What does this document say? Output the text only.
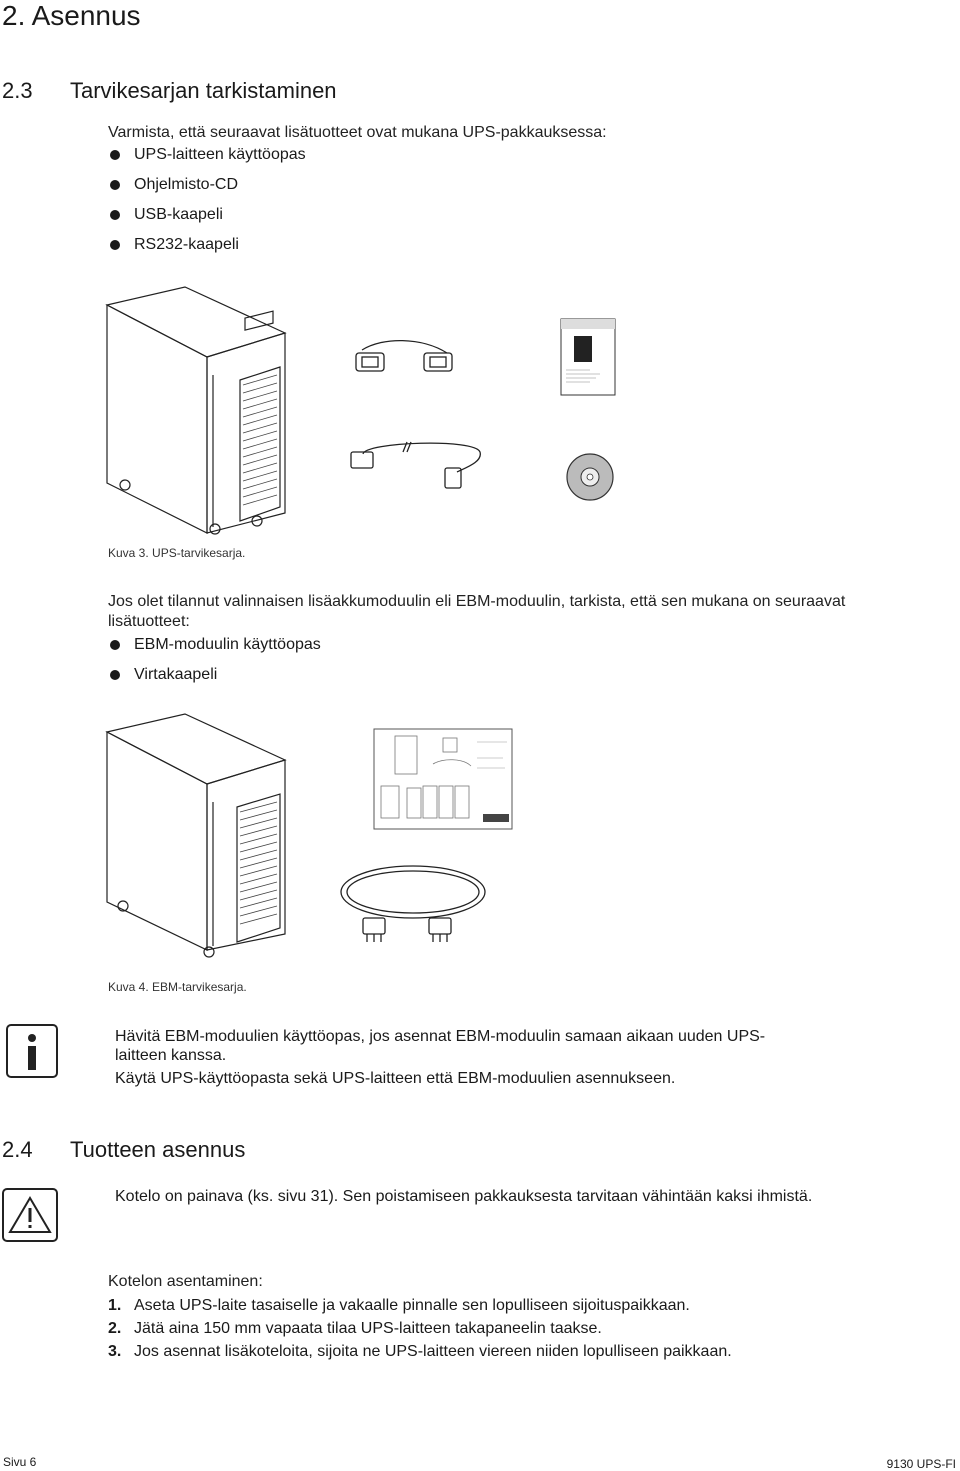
2. Asennus
2.3 Tarvikesarjan tarkistaminen
Varmista, että seuraavat lisätuotteet ovat mukana UPS-pakkauksessa:
UPS-laitteen käyttöopas
Ohjelmisto-CD
USB-kaapeli
RS232-kaapeli
Kuva 3. UPS-tarvikesarja.
Jos olet tilannut valinnaisen lisäakkumoduulin eli EBM-moduulin, tarkista, että sen mukana on seuraavat lisätuotteet:
EBM-moduulin käyttöopas
Virtakaapeli
Kuva 4. EBM-tarvikesarja.
Hävitä EBM-moduulien käyttöopas, jos asennat EBM-moduulin samaan aikaan uuden UPS-laitteen kanssa.
Käytä UPS-käyttöopasta sekä UPS-laitteen että EBM-moduulien asennukseen.
2.4 Tuotteen asennus
Kotelo on painava (ks. sivu 31). Sen poistamiseen pakkauksesta tarvitaan vähintään kaksi ihmistä.
Kotelon asentaminen:
1. Aseta UPS-laite tasaiselle ja vakaalle pinnalle sen lopulliseen sijoituspaikkaan.
2. Jätä aina 150 mm vapaata tilaa UPS-laitteen takapaneelin taakse.
3. Jos asennat lisäkoteloita, sijoita ne UPS-laitteen viereen niiden lopulliseen paikkaan.
Sivu 6	9130 UPS-FI
